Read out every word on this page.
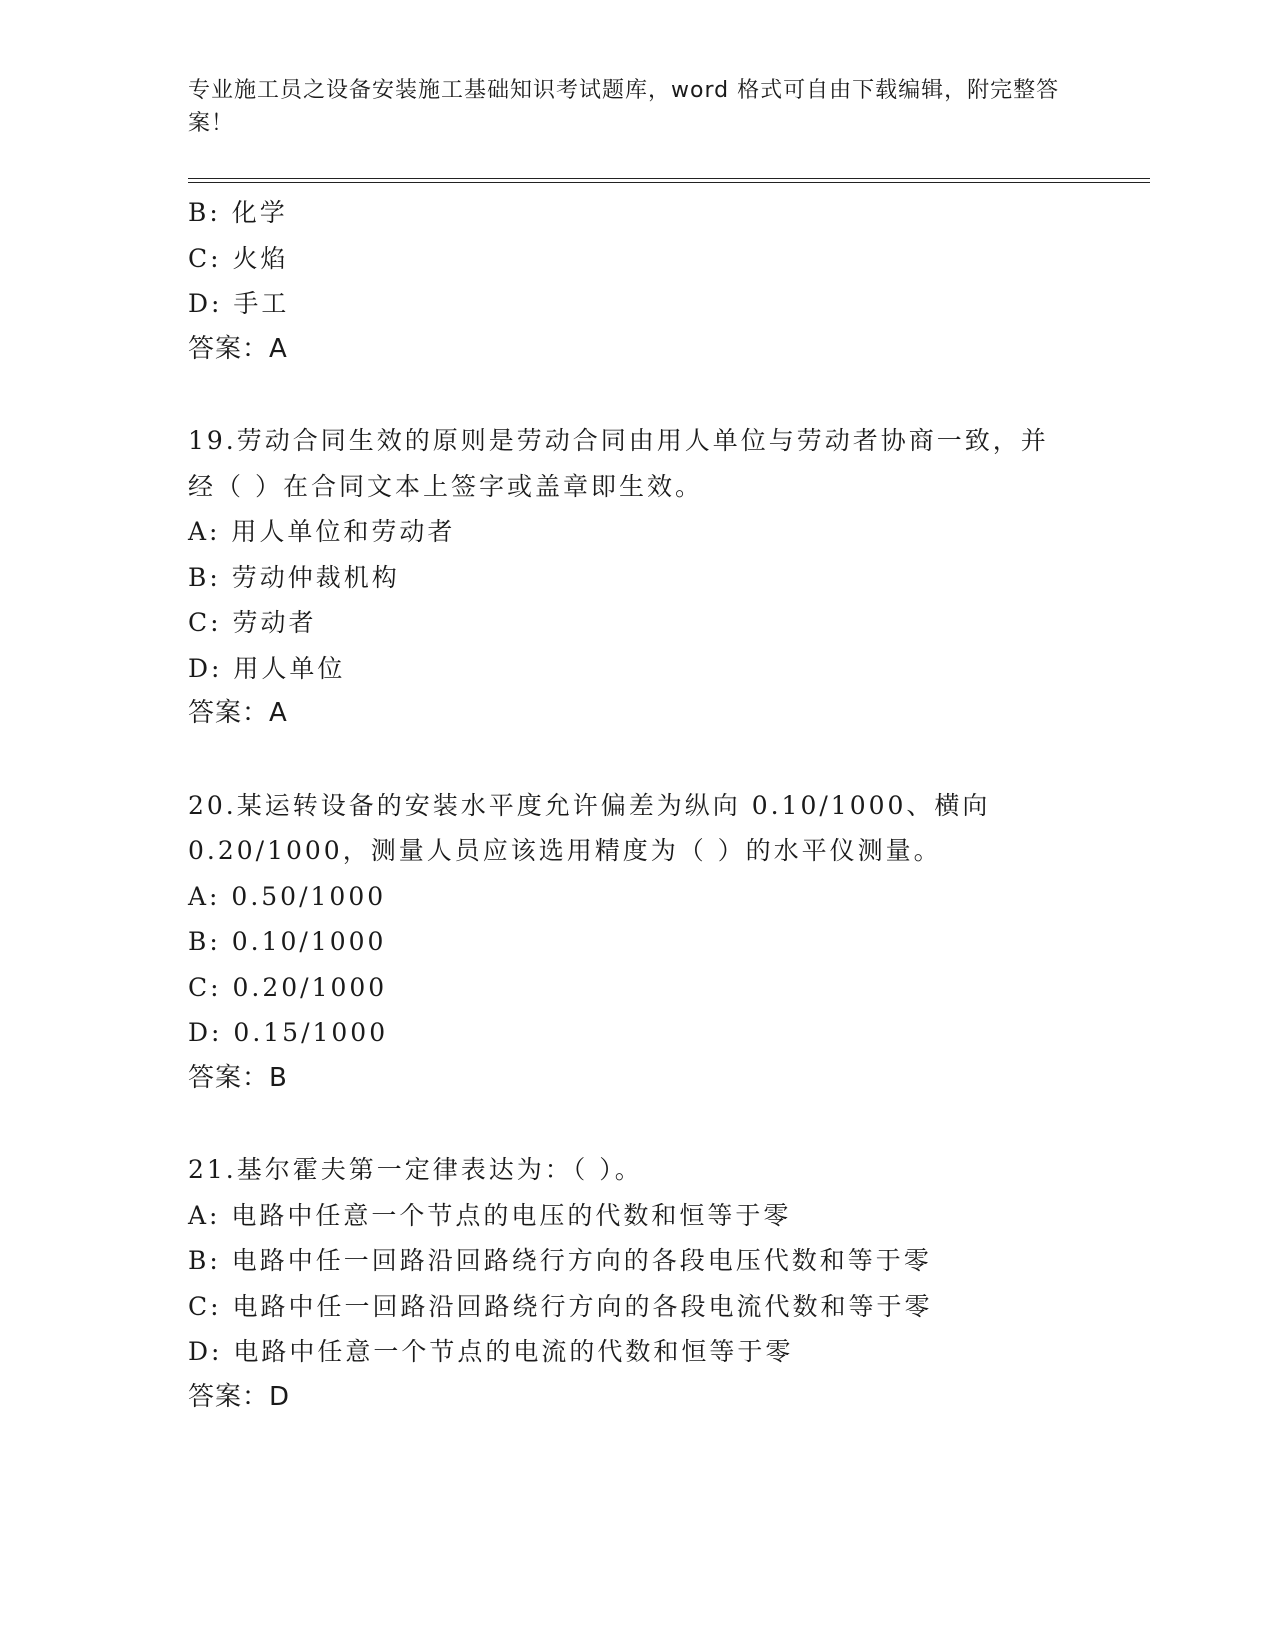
专业施工员之设备安装施工基础知识考试题库，word 格式可自由下载编辑，附完整答案！
B: 化学
C: 火焰
D: 手工
答案：A
19.劳动合同生效的原则是劳动合同由用人单位与劳动者协商一致，并经（ ）在合同文本上签字或盖章即生效。
A: 用人单位和劳动者
B: 劳动仲裁机构
C: 劳动者
D: 用人单位
答案：A
20.某运转设备的安装水平度允许偏差为纵向 0.10/1000、横向 0.20/1000，测量人员应该选用精度为（ ）的水平仪测量。
A: 0.50/1000
B: 0.10/1000
C: 0.20/1000
D: 0.15/1000
答案：B
21.基尔霍夫第一定律表达为：（ ）。
A: 电路中任意一个节点的电压的代数和恒等于零
B: 电路中任一回路沿回路绕行方向的各段电压代数和等于零
C: 电路中任一回路沿回路绕行方向的各段电流代数和等于零
D: 电路中任意一个节点的电流的代数和恒等于零
答案：D
